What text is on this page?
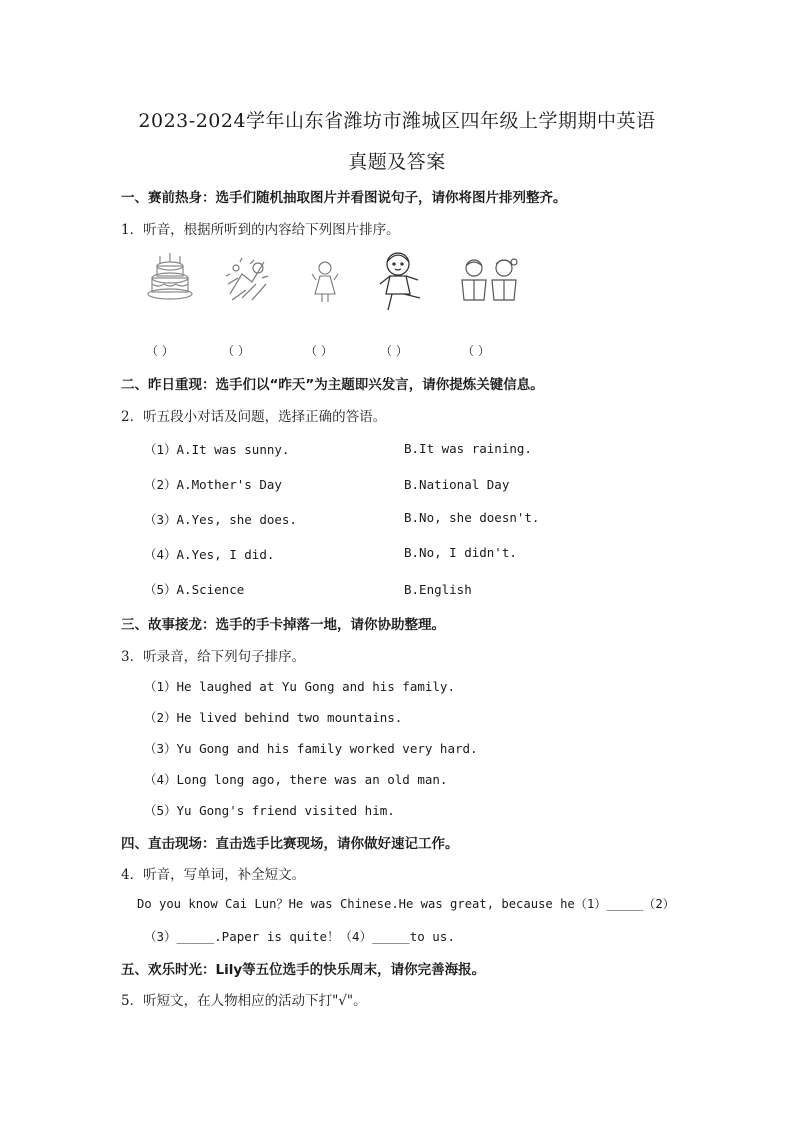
2023-2024学年山东省潍坊市潍城区四年级上学期期中英语
真题及答案
一、赛前热身：选手们随机抽取图片并看图说句子，请你将图片排列整齐。
1．听音，根据所听到的内容给下列图片排序。
（ ）	（ ）	（ ）	（ ）	（ ）
二、昨日重现：选手们以“昨天”为主题即兴发言，请你提炼关键信息。
2．听五段小对话及问题，选择正确的答语。
（1）A.It was sunny.	B.It was raining.
（2）A.Mother's Day	B.National Day
（3）A.Yes, she does.	B.No, she doesn't.
（4）A.Yes, I did.	B.No, I didn't.
（5）A.Science	B.English
三、故事接龙：选手的手卡掉落一地，请你协助整理。
3．听录音，给下列句子排序。
（1）He laughed at Yu Gong and his family.
（2）He lived behind two mountains.
（3）Yu Gong and his family worked very hard.
（4）Long long ago, there was an old man.
（5）Yu Gong's friend visited him.
四、直击现场：直击选手比赛现场，请你做好速记工作。
4．听音，写单词，补全短文。
Do you know Cai Lun？He was Chinese.He was great, because he（1）_____（2）
（3）_____.Paper is quite！（4）_____to us.
五、欢乐时光：Lily等五位选手的快乐周末，请你完善海报。
5．听短文，在人物相应的活动下打"√"。
